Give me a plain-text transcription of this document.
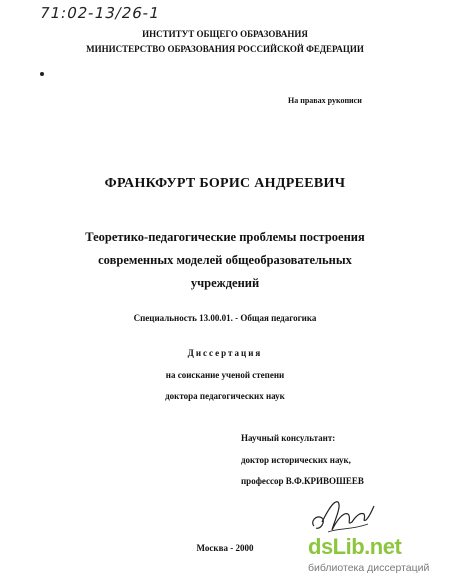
71:02-13/26-1
ИНСТИТУТ ОБЩЕГО ОБРАЗОВАНИЯ
МИНИСТЕРСТВО ОБРАЗОВАНИЯ РОССИЙСКОЙ ФЕДЕРАЦИИ
На правах рукописи
ФРАНКФУРТ БОРИС АНДРЕЕВИЧ
Теоретико-педагогические проблемы построения
современных моделей общеобразовательных
учреждений
Специальность 13.00.01. - Общая педагогика
Диссертация
на соискание ученой степени
доктора педагогических наук
Научный консультант:
доктор исторических наук,
профессор В.Ф.КРИВОШЕЕВ
Москва - 2000	dsLib.net
библиотека диссертаций
